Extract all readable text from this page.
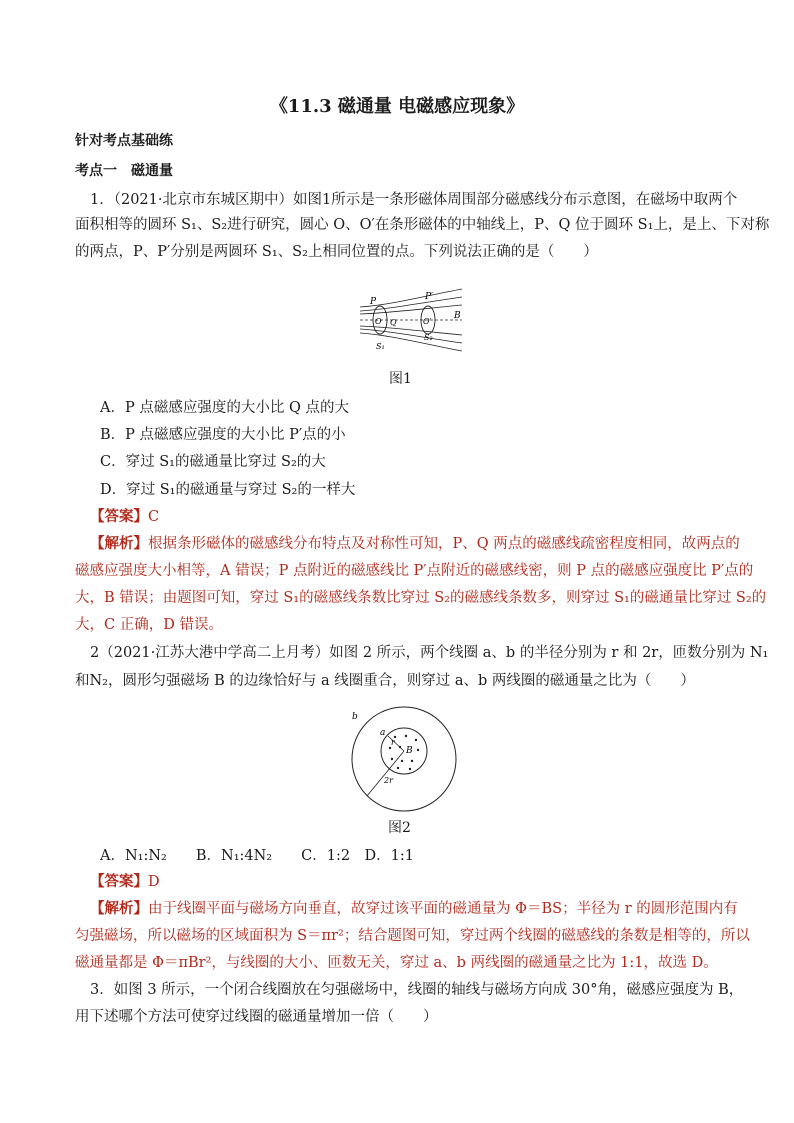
《11.3 磁通量 电磁感应现象》
针对考点基础练
考点一　磁通量
1．（2021·北京市东城区期中）如图1所示是一条形磁体周围部分磁感线分布示意图，在磁场中取两个
面积相等的圆环 S₁、S₂进行研究，圆心 O、O′在条形磁体的中轴线上，P、Q 位于圆环 S₁上，是上、下对称
的两点，P、P′分别是两圆环 S₁、S₂上相同位置的点。下列说法正确的是（　　）
P	P′
O	O′
Q
B
S₁
S₂
图1
A．P 点磁感应强度的大小比 Q 点的大
B．P 点磁感应强度的大小比 P′点的小
C．穿过 S₁的磁通量比穿过 S₂的大
D．穿过 S₁的磁通量与穿过 S₂的一样大
【答案】C
【解析】根据条形磁体的磁感线分布特点及对称性可知，P、Q 两点的磁感线疏密程度相同，故两点的
磁感应强度大小相等，A 错误；P 点附近的磁感线比 P′点附近的磁感线密，则 P 点的磁感应强度比 P′点的
大，B 错误；由题图可知，穿过 S₁的磁感线条数比穿过 S₂的磁感线条数多，则穿过 S₁的磁通量比穿过 S₂的
大，C 正确，D 错误。
2（2021·江苏大港中学高二上月考）如图 2 所示，两个线圈 a、b 的半径分别为 r 和 2r，匝数分别为 N₁
和N₂，圆形匀强磁场 B 的边缘恰好与 a 线圈重合，则穿过 a、b 两线圈的磁通量之比为（　　）
b
a
r
B
2r
图2
A．N₁:N₂　　B．N₁:4N₂　　C．1:2　D．1:1
【答案】D
【解析】由于线圈平面与磁场方向垂直，故穿过该平面的磁通量为 Φ＝BS；半径为 r 的圆形范围内有
匀强磁场，所以磁场的区域面积为 S＝πr²；结合题图可知，穿过两个线圈的磁感线的条数是相等的，所以
磁通量都是 Φ＝πBr²，与线圈的大小、匝数无关，穿过 a、b 两线圈的磁通量之比为 1:1，故选 D。
3．如图 3 所示，一个闭合线圈放在匀强磁场中，线圈的轴线与磁场方向成 30°角，磁感应强度为 B，
用下述哪个方法可使穿过线圈的磁通量增加一倍（　　）
